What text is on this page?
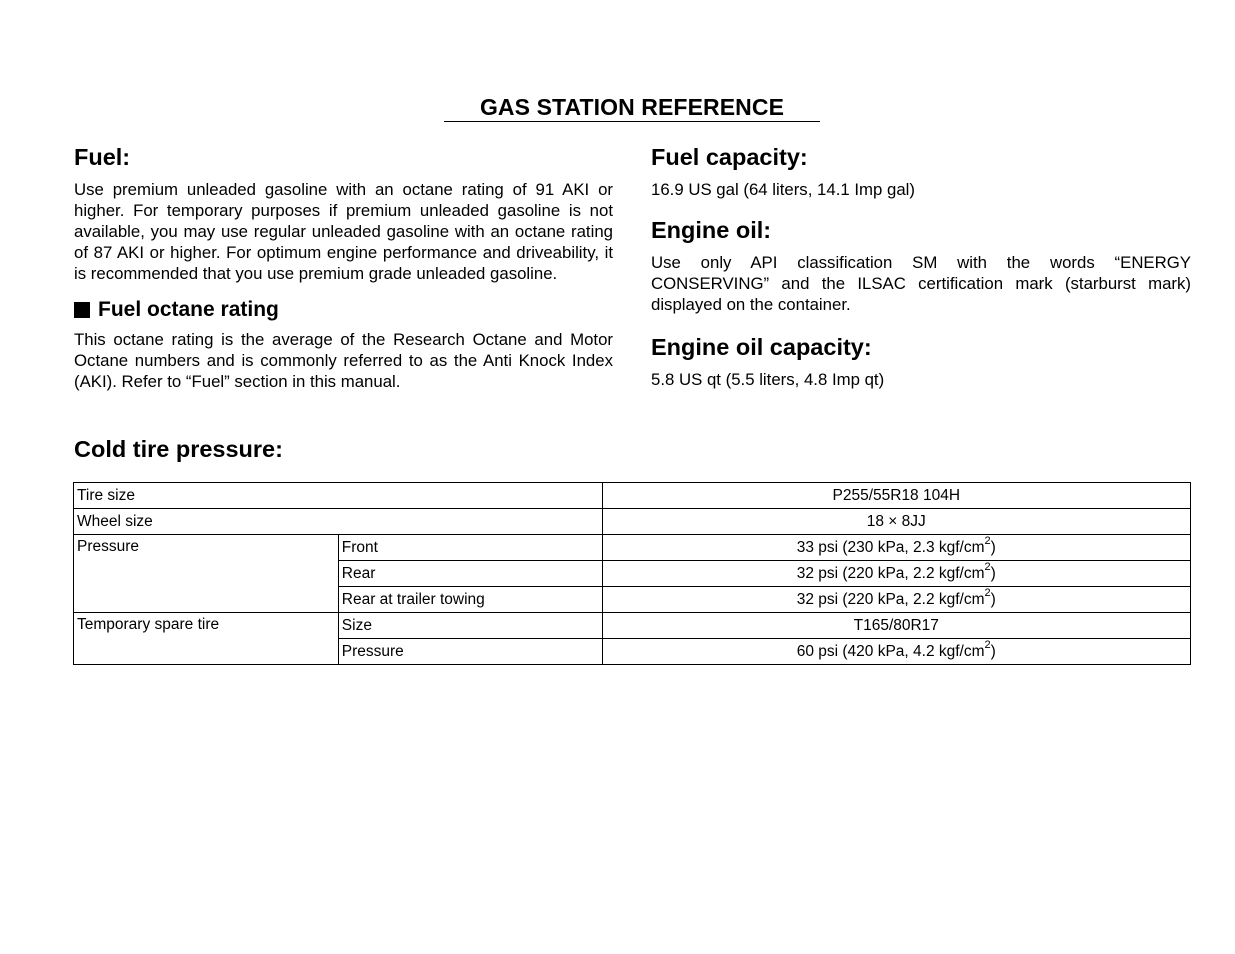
GAS STATION REFERENCE
Fuel:

Use premium unleaded gasoline with an octane rating of 91 AKI or higher. For temporary purposes if premium unleaded gasoline is not available, you may use regular unleaded gasoline with an octane rating of 87 AKI or higher. For optimum engine performance and driveability, it is recommended that you use premium grade unleaded gasoline.

Fuel octane rating

This octane rating is the average of the Research Octane and Motor Octane numbers and is commonly referred to as the Anti Knock Index (AKI). Refer to “Fuel” section in this manual.

Fuel capacity:

16.9 US gal (64 liters, 14.1 Imp gal)

Engine oil:

Use only API classification SM with the words “ENERGY CONSERVING” and the ILSAC certification mark (starburst mark) displayed on the container.

Engine oil capacity:

5.8 US qt (5.5 liters, 4.8 Imp qt)

Cold tire pressure:
Tire size		P255/55R18 104H
Wheel size		18 × 8JJ
Pressure	Front	33 psi (230 kPa, 2.3 kgf/$cm^2$)
	Rear	32 psi (220 kPa, 2.2 kgf/$cm^2$)
	Rear at trailer towing	32 psi (220 kPa, 2.2 kgf/$cm^2$)
Temporary spare tire	Size	T165/80R17
	Pressure	60 psi (420 kPa, 4.2 kgf/$cm^2$)
